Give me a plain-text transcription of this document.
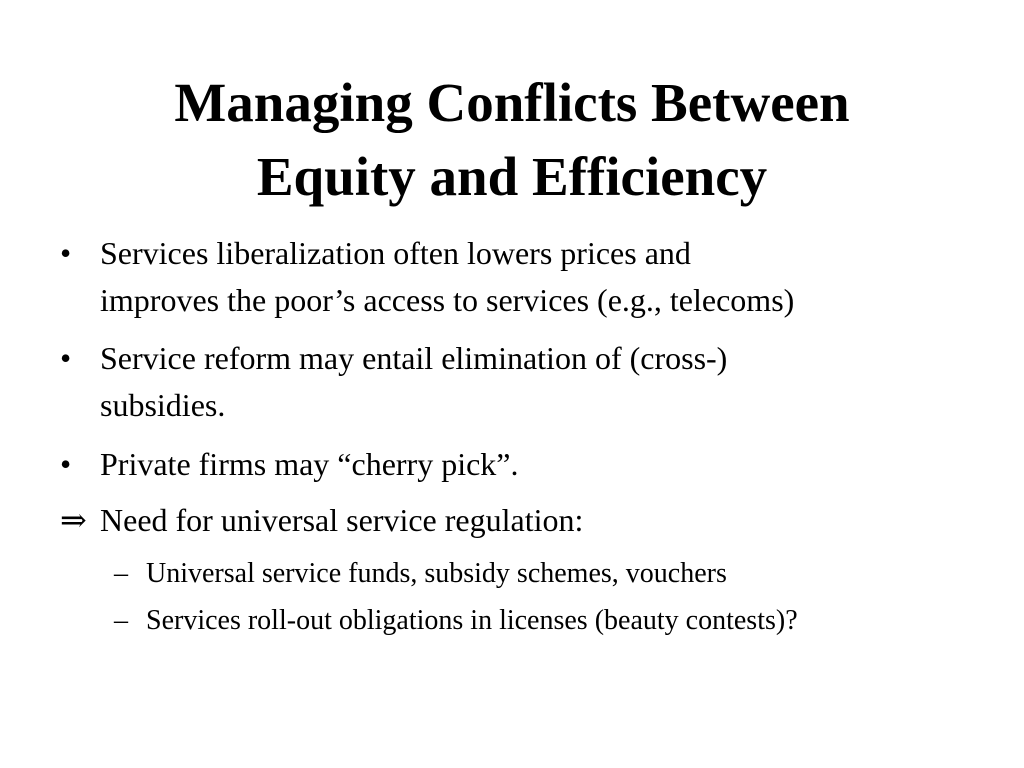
Managing Conflicts Between
Equity and Efficiency
• Services liberalization often lowers prices and
improves the poor’s access to services (e.g., telecoms)
• Service reform may entail elimination of (cross-)
subsidies.
• Private firms may “cherry pick”.
⇒ Need for universal service regulation:
– Universal service funds, subsidy schemes, vouchers
– Services roll-out obligations in licenses (beauty contests)?
